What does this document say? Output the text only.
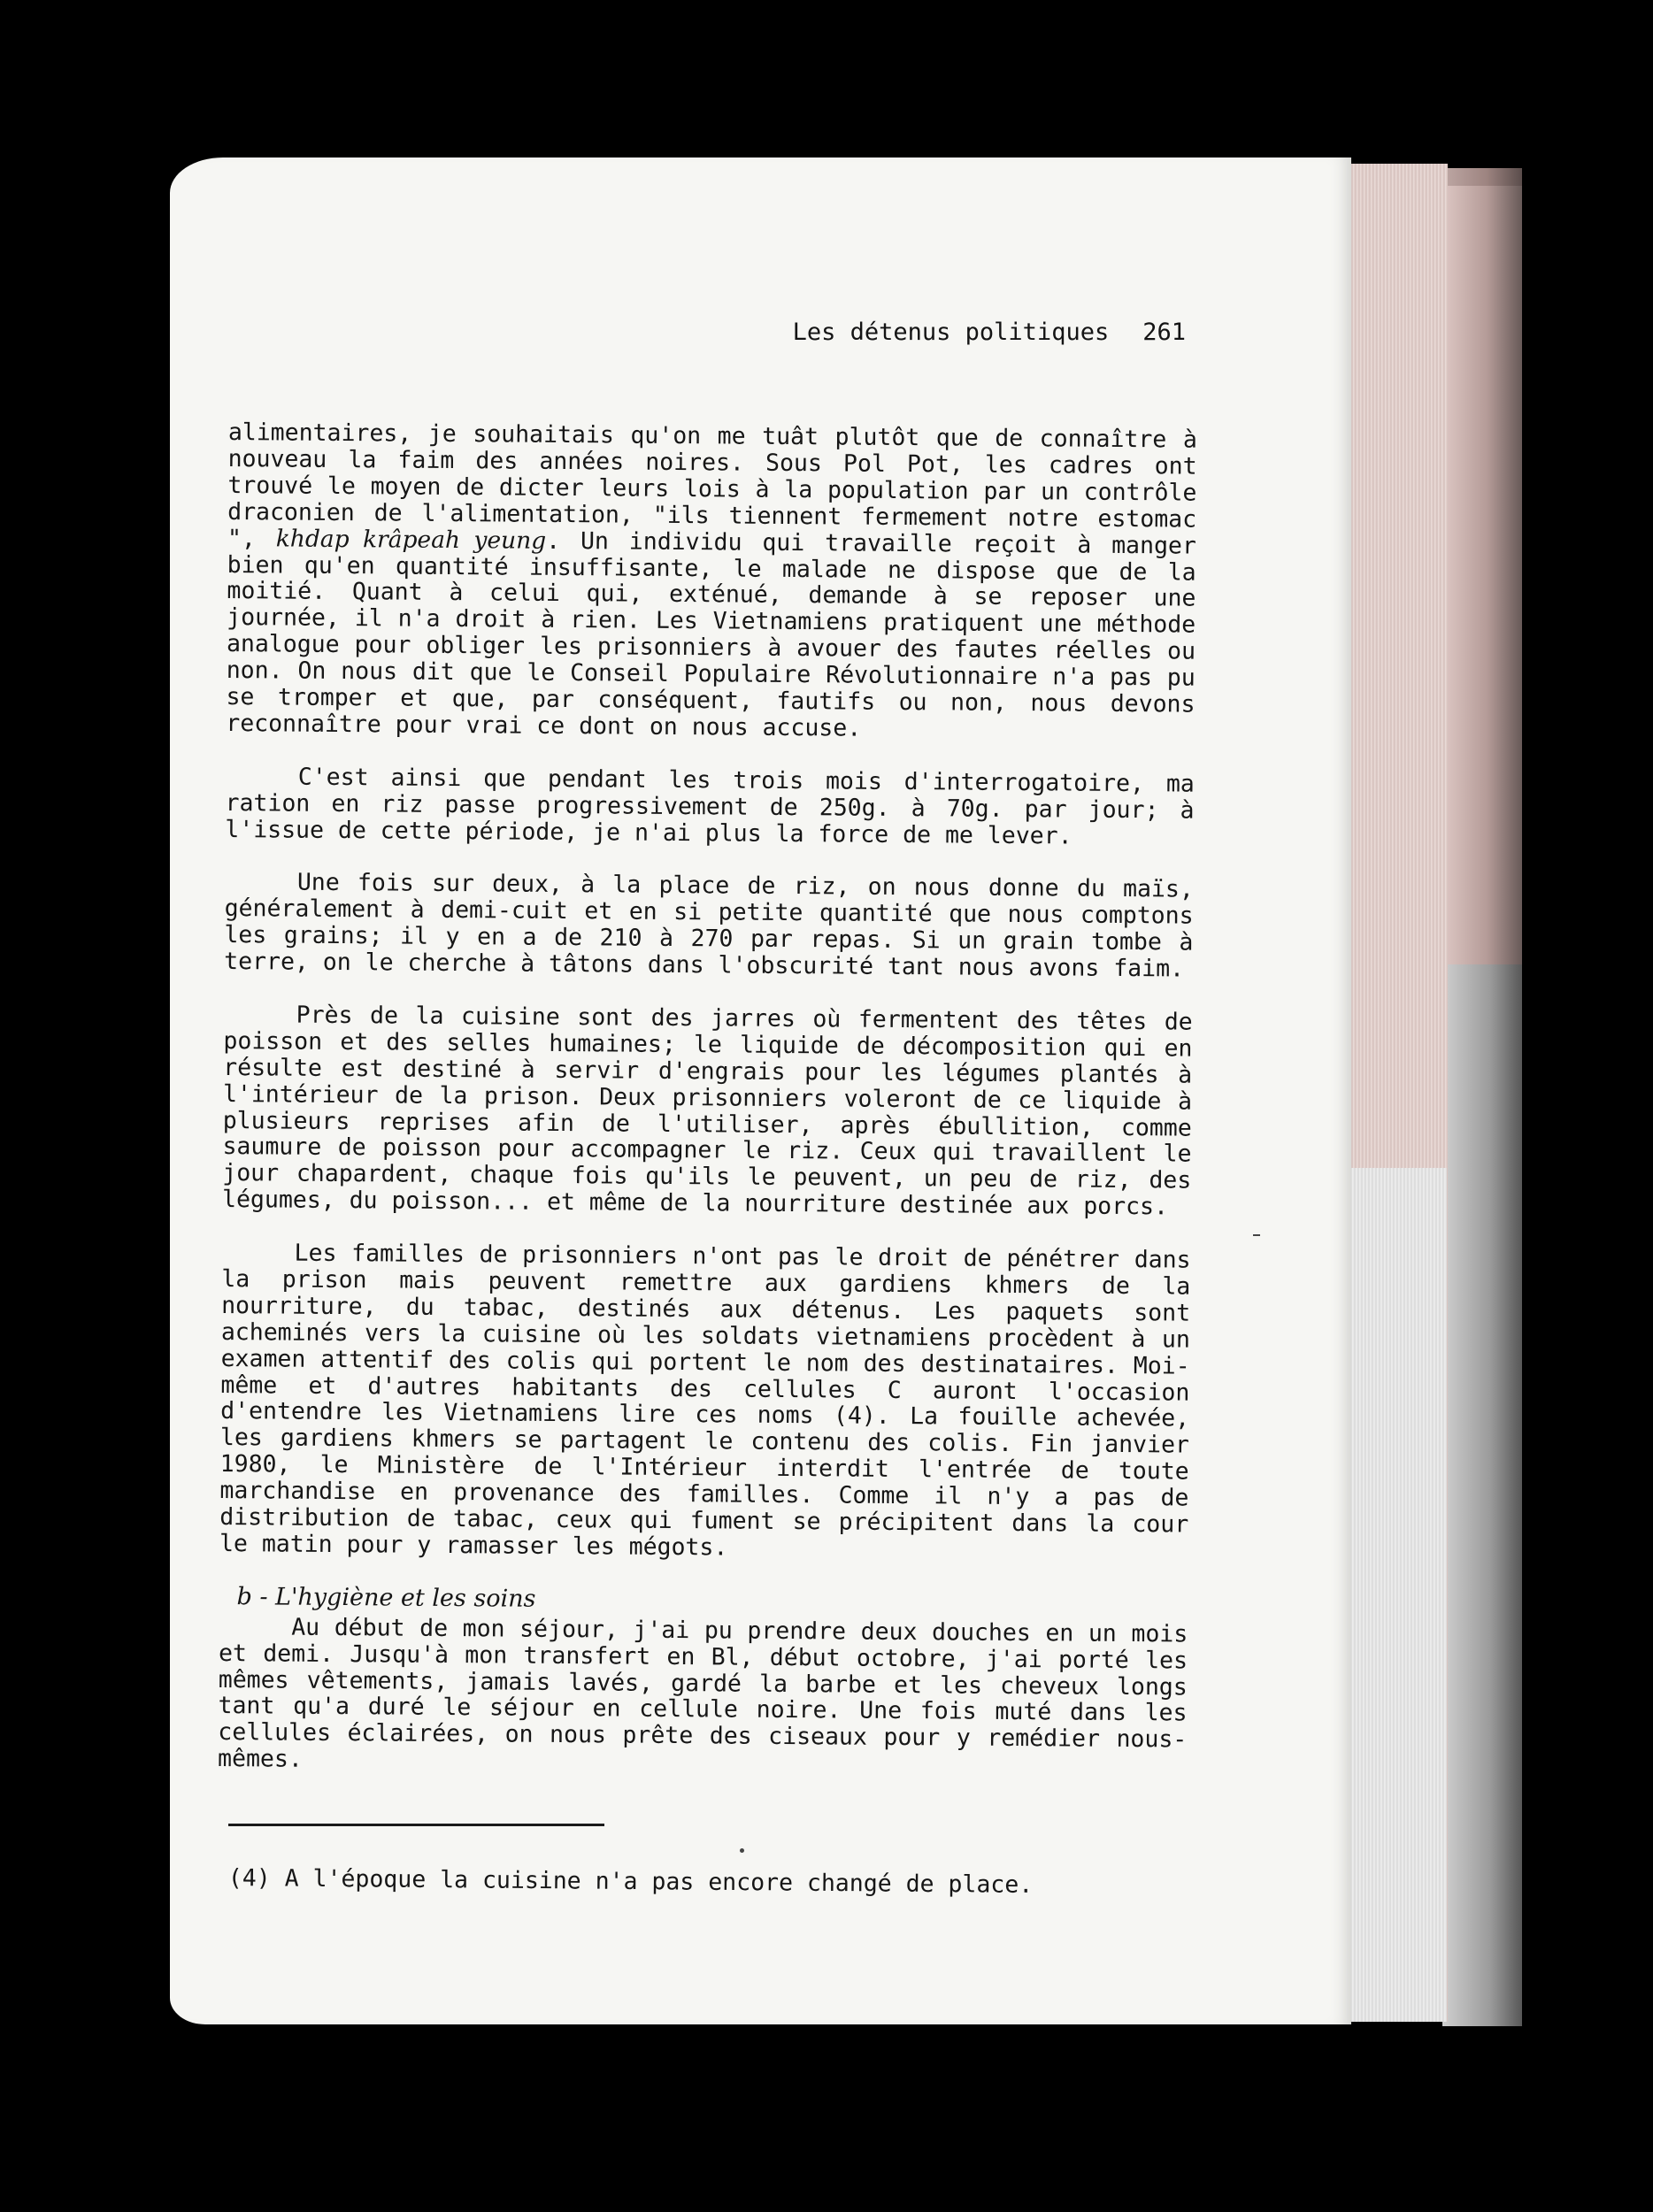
Les détenus politiques 261

alimentaires, je souhaitais qu'on me tuât plutôt que de connaître à nouveau la faim des années noires. Sous Pol Pot, les cadres ont trouvé le moyen de dicter leurs lois à la population par un contrôle draconien de l'alimentation, "ils tiennent fermement notre estomac ", khdap krâpeah yeung. Un individu qui travaille reçoit à manger bien qu'en quantité insuffisante, le malade ne dispose que de la moitié. Quant à celui qui, exténué, demande à se reposer une journée, il n'a droit à rien. Les Vietnamiens pratiquent une méthode analogue pour obliger les prisonniers à avouer des fautes réelles ou non. On nous dit que le Conseil Populaire Révolutionnaire n'a pas pu se tromper et que, par conséquent, fautifs ou non, nous devons reconnaître pour vrai ce dont on nous accuse.

C'est ainsi que pendant les trois mois d'interrogatoire, ma ration en riz passe progressivement de 250g. à 70g. par jour; à l'issue de cette période, je n'ai plus la force de me lever.

Une fois sur deux, à la place de riz, on nous donne du maïs, généralement à demi-cuit et en si petite quantité que nous comptons les grains; il y en a de 210 à 270 par repas. Si un grain tombe à terre, on le cherche à tâtons dans l'obscurité tant nous avons faim.

Près de la cuisine sont des jarres où fermentent des têtes de poisson et des selles humaines; le liquide de décomposition qui en résulte est destiné à servir d'engrais pour les légumes plantés à l'intérieur de la prison. Deux prisonniers voleront de ce liquide à plusieurs reprises afin de l'utiliser, après ébullition, comme saumure de poisson pour accompagner le riz. Ceux qui travaillent le jour chapardent, chaque fois qu'ils le peuvent, un peu de riz, des légumes, du poisson... et même de la nourriture destinée aux porcs.

Les familles de prisonniers n'ont pas le droit de pénétrer dans la prison mais peuvent remettre aux gardiens khmers de la nourriture, du tabac, destinés aux détenus. Les paquets sont acheminés vers la cuisine où les soldats vietnamiens procèdent à un examen attentif des colis qui portent le nom des destinataires. Moi-même et d'autres habitants des cellules C auront l'occasion d'entendre les Vietnamiens lire ces noms (4). La fouille achevée, les gardiens khmers se partagent le contenu des colis. Fin janvier 1980, le Ministère de l'Intérieur interdit l'entrée de toute marchandise en provenance des familles. Comme il n'y a pas de distribution de tabac, ceux qui fument se précipitent dans la cour le matin pour y ramasser les mégots.

b - L'hygiène et les soins

Au début de mon séjour, j'ai pu prendre deux douches en un mois et demi. Jusqu'à mon transfert en Bl, début octobre, j'ai porté les mêmes vêtements, jamais lavés, gardé la barbe et les cheveux longs tant qu'a duré le séjour en cellule noire. Une fois muté dans les cellules éclairées, on nous prête des ciseaux pour y remédier nous-mêmes.

(4) A l'époque la cuisine n'a pas encore changé de place.
